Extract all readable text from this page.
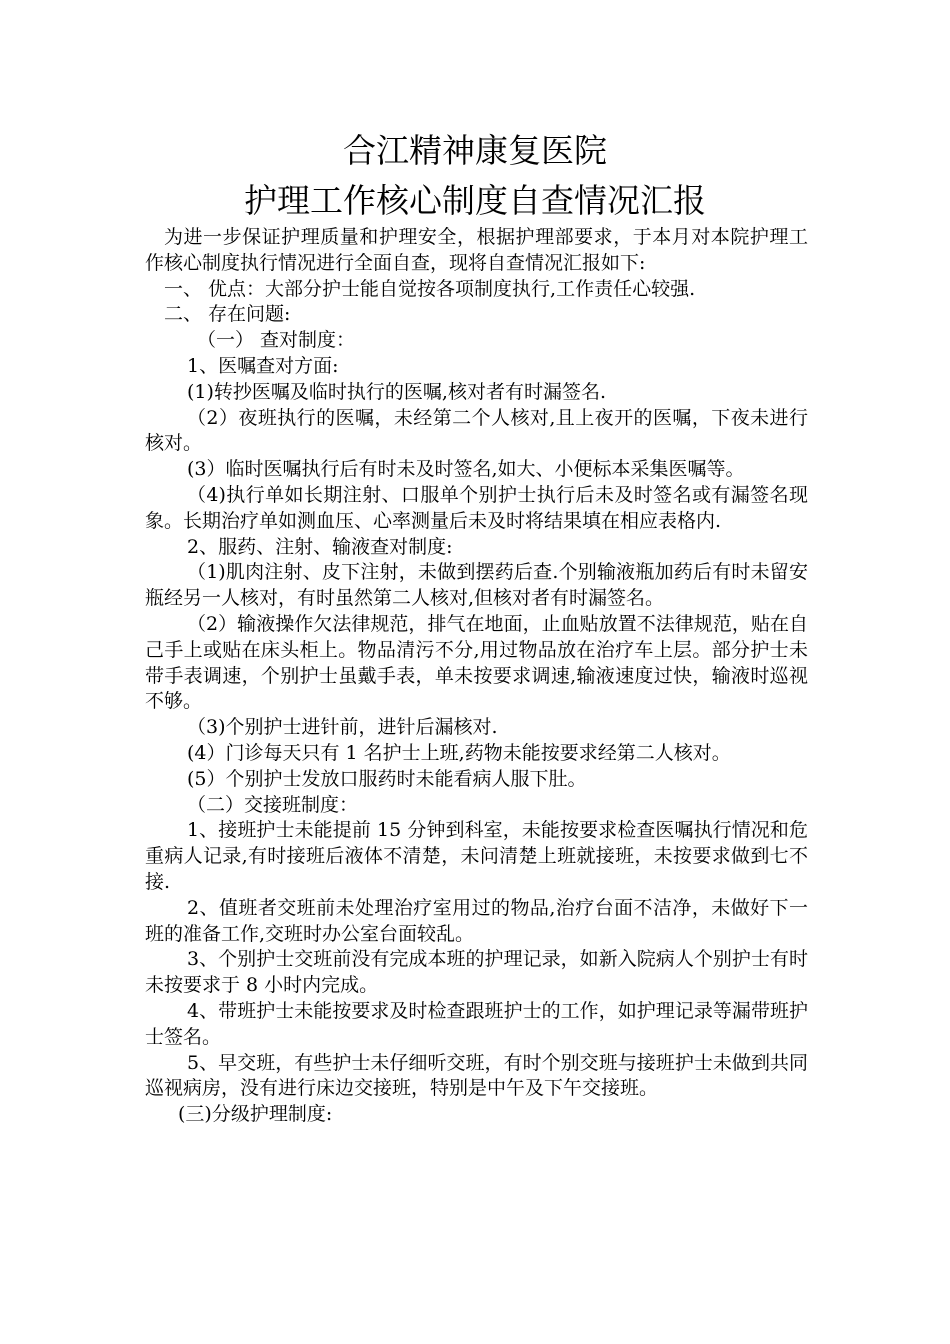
合江精神康复医院
护理工作核心制度自查情况汇报

为进一步保证护理质量和护理安全，根据护理部要求，于本月对本院护理工作核心制度执行情况进行全面自查，现将自查情况汇报如下:

一、 优点：大部分护士能自觉按各项制度执行,工作责任心较强.

二、 存在问题:

（一） 查对制度：

1、医嘱查对方面:

(1)转抄医嘱及临时执行的医嘱,核对者有时漏签名.

（2）夜班执行的医嘱，未经第二个人核对,且上夜开的医嘱，下夜未进行核对。

(3）临时医嘱执行后有时未及时签名,如大、小便标本采集医嘱等。

（4)执行单如长期注射、口服单个别护士执行后未及时签名或有漏签名现象。长期治疗单如测血压、心率测量后未及时将结果填在相应表格内.

2、服药、注射、输液查对制度:

（1)肌肉注射、皮下注射，未做到摆药后查.个别输液瓶加药后有时未留安瓶经另一人核对，有时虽然第二人核对,但核对者有时漏签名。

（2）输液操作欠法律规范，排气在地面，止血贴放置不法律规范，贴在自己手上或贴在床头柜上。物品清污不分,用过物品放在治疗车上层。部分护士未带手表调速，个别护士虽戴手表，单未按要求调速,输液速度过快，输液时巡视不够。

（3)个别护士进针前，进针后漏核对.

(4）门诊每天只有 1 名护士上班,药物未能按要求经第二人核对。

(5）个别护士发放口服药时未能看病人服下肚。

（二）交接班制度：

1、接班护士未能提前 15 分钟到科室，未能按要求检查医嘱执行情况和危重病人记录,有时接班后液体不清楚，未问清楚上班就接班，未按要求做到七不接.

2、值班者交班前未处理治疗室用过的物品,治疗台面不洁净，未做好下一班的准备工作,交班时办公室台面较乱。

3、个别护士交班前没有完成本班的护理记录，如新入院病人个别护士有时未按要求于 8 小时内完成。

4、带班护士未能按要求及时检查跟班护士的工作，如护理记录等漏带班护士签名。

5、早交班，有些护士未仔细听交班，有时个别交班与接班护士未做到共同巡视病房，没有进行床边交接班，特别是中午及下午交接班。

(三)分级护理制度:
